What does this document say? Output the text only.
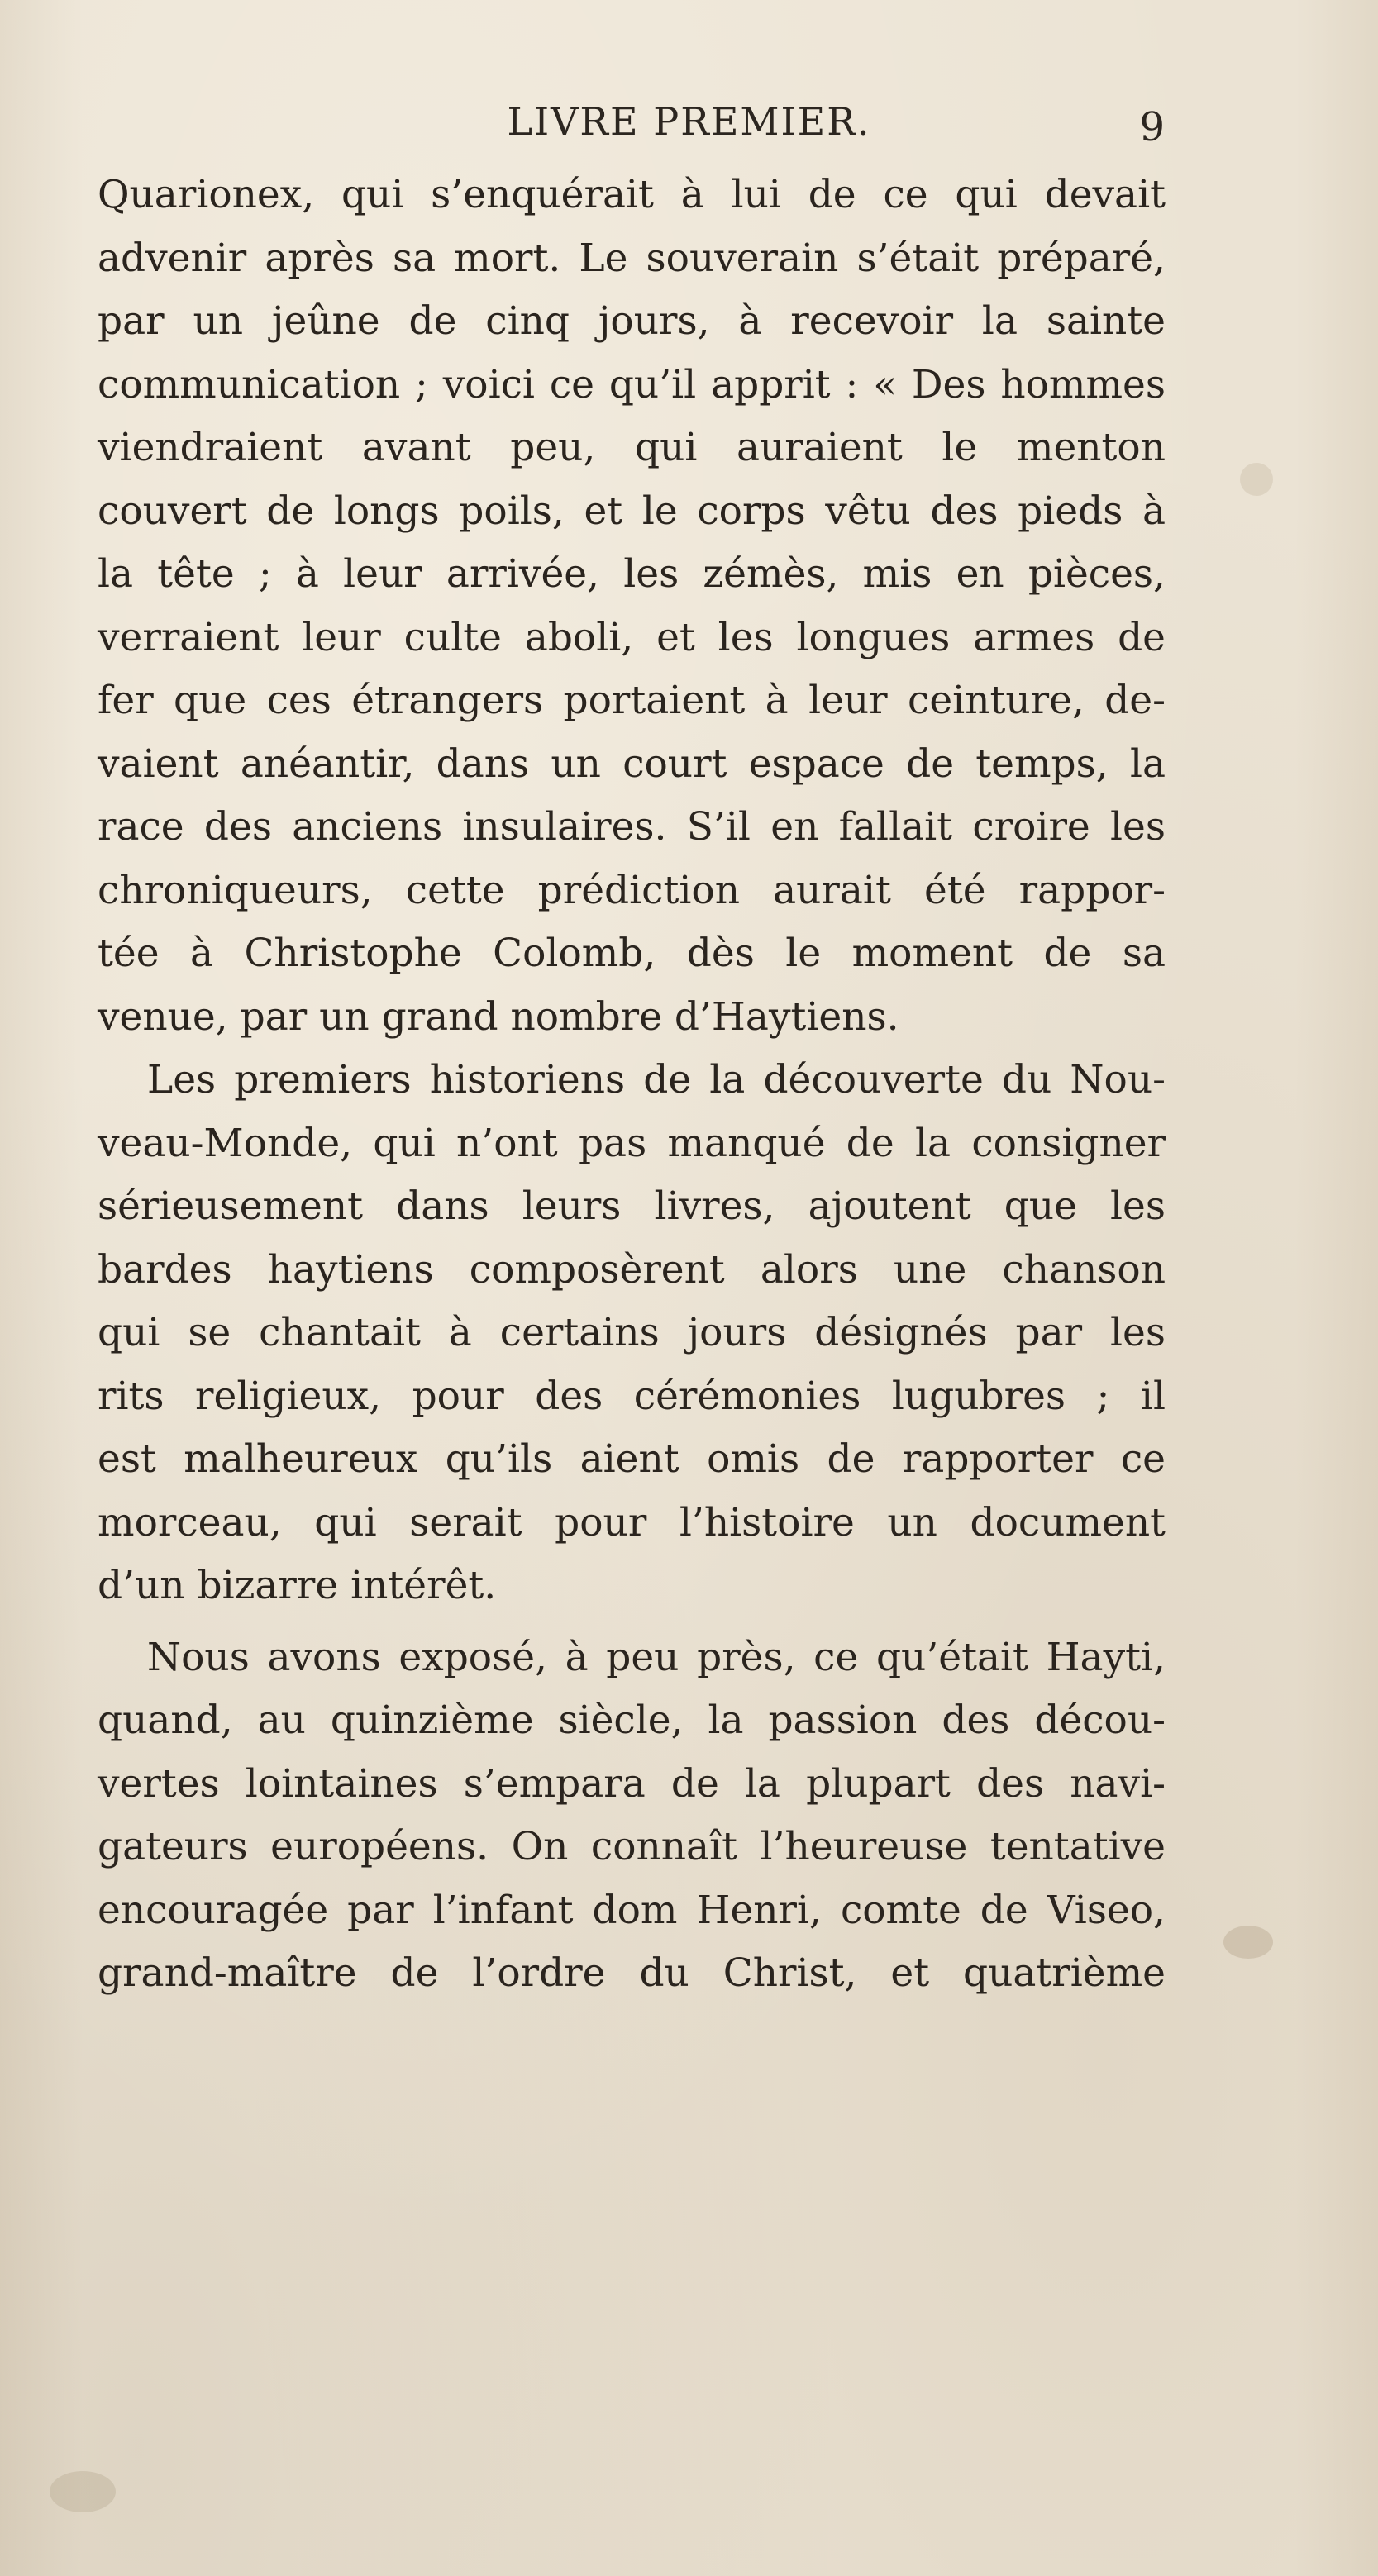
LIVRE PREMIER.	9
Quarionex, qui s’enquérait à lui de ce qui devait
advenir après sa mort. Le souverain s’était préparé,
par un jeûne de cinq jours, à recevoir la sainte
communication ; voici ce qu’il apprit : « Des hommes
viendraient avant peu, qui auraient le menton
couvert de longs poils, et le corps vêtu des pieds à
la tête ; à leur arrivée, les zémès, mis en pièces,
verraient leur culte aboli, et les longues armes de
fer que ces étrangers portaient à leur ceinture, de-
vaient anéantir, dans un court espace de temps, la
race des anciens insulaires. S’il en fallait croire les
chroniqueurs, cette prédiction aurait été rappor-
tée à Christophe Colomb, dès le moment de sa
venue, par un grand nombre d’Haytiens.
Les premiers historiens de la découverte du Nou-
veau-Monde, qui n’ont pas manqué de la consigner
sérieusement dans leurs livres, ajoutent que les
bardes haytiens composèrent alors une chanson
qui se chantait à certains jours désignés par les
rits religieux, pour des cérémonies lugubres ; il
est malheureux qu’ils aient omis de rapporter ce
morceau, qui serait pour l’histoire un document
d’un bizarre intérêt.
Nous avons exposé, à peu près, ce qu’était Hayti,
quand, au quinzième siècle, la passion des décou-
vertes lointaines s’empara de la plupart des navi-
gateurs européens. On connaît l’heureuse tentative
encouragée par l’infant dom Henri, comte de Viseo,
grand-maître de l’ordre du Christ, et quatrième
